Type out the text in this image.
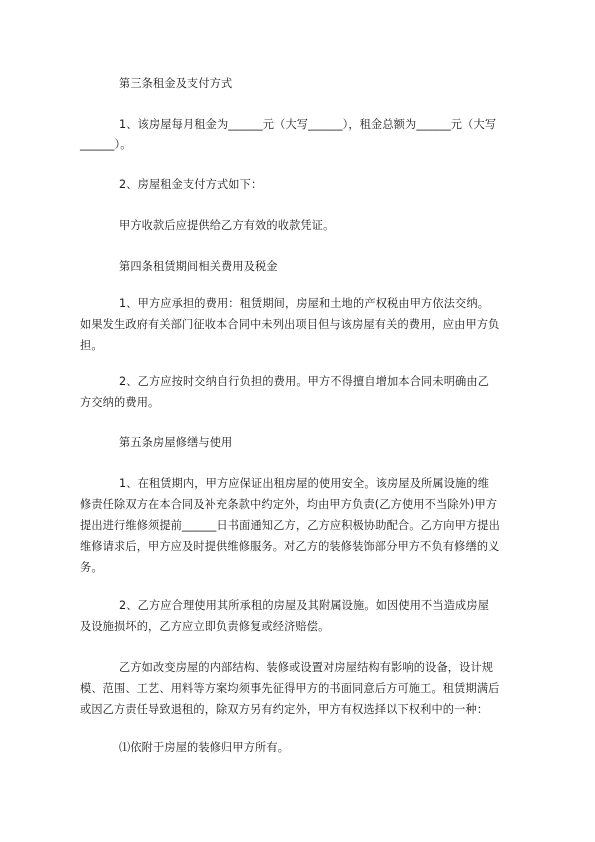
第三条租金及支付方式
1、该房屋每月租金为______元（大写______），租金总额为______元（大写
______）。
2、房屋租金支付方式如下：
甲方收款后应提供给乙方有效的收款凭证。
第四条租赁期间相关费用及税金
1、甲方应承担的费用：租赁期间，房屋和土地的产权税由甲方依法交纳。
如果发生政府有关部门征收本合同中未列出项目但与该房屋有关的费用，应由甲方负
担。
2、乙方应按时交纳自行负担的费用。甲方不得擅自增加本合同未明确由乙
方交纳的费用。
第五条房屋修缮与使用
1、在租赁期内，甲方应保证出租房屋的使用安全。该房屋及所属设施的维
修责任除双方在本合同及补充条款中约定外，均由甲方负责(乙方使用不当除外)甲方
提出进行维修须提前______日书面通知乙方，乙方应积极协助配合。乙方向甲方提出
维修请求后，甲方应及时提供维修服务。对乙方的装修装饰部分甲方不负有修缮的义
务。
2、乙方应合理使用其所承租的房屋及其附属设施。如因使用不当造成房屋
及设施损坏的，乙方应立即负责修复或经济赔偿。
乙方如改变房屋的内部结构、装修或设置对房屋结构有影响的设备，设计规
模、范围、工艺、用料等方案均须事先征得甲方的书面同意后方可施工。租赁期满后
或因乙方责任导致退租的，除双方另有约定外，甲方有权选择以下权利中的一种：
⑴依附于房屋的装修归甲方所有。
